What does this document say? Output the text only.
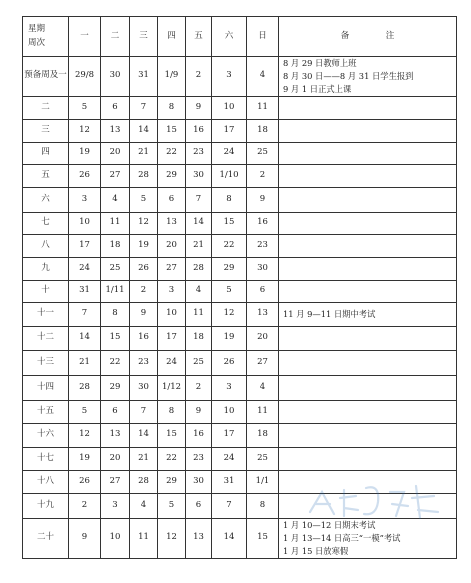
星期
周次	一	二	三	四	五	六	日	备　注
预备周及一	29/8	30	31	1/9	2	3	4	8 月 29 日教师上班
8 月 30 日——8 月 31 日学生报到
9 月 1 日正式上课

二	5	6	7	8	9	10	11	
三	12	13	14	15	16	17	18	
四	19	20	21	22	23	24	25	
五	26	27	28	29	30	1/10	2	
六	3	4	5	6	7	8	9	
七	10	11	12	13	14	15	16	
八	17	18	19	20	21	22	23	
九	24	25	26	27	28	29	30	
十	31	1/11	2	3	4	5	6	
十一	7	8	9	10	11	12	13	11 月 9—11 日期中考试

十二	14	15	16	17	18	19	20	
十三	21	22	23	24	25	26	27	
十四	28	29	30	1/12	2	3	4	
十五	5	6	7	8	9	10	11	
十六	12	13	14	15	16	17	18	
十七	19	20	21	22	23	24	25	
十八	26	27	28	29	30	31	1/1	
十九	2	3	4	5	6	7	8	
二十	9	10	11	12	13	14	15	1 月 10—12 日期末考试
1 月 13—14 日高三“一模”考试
1 月 15 日放寒假
